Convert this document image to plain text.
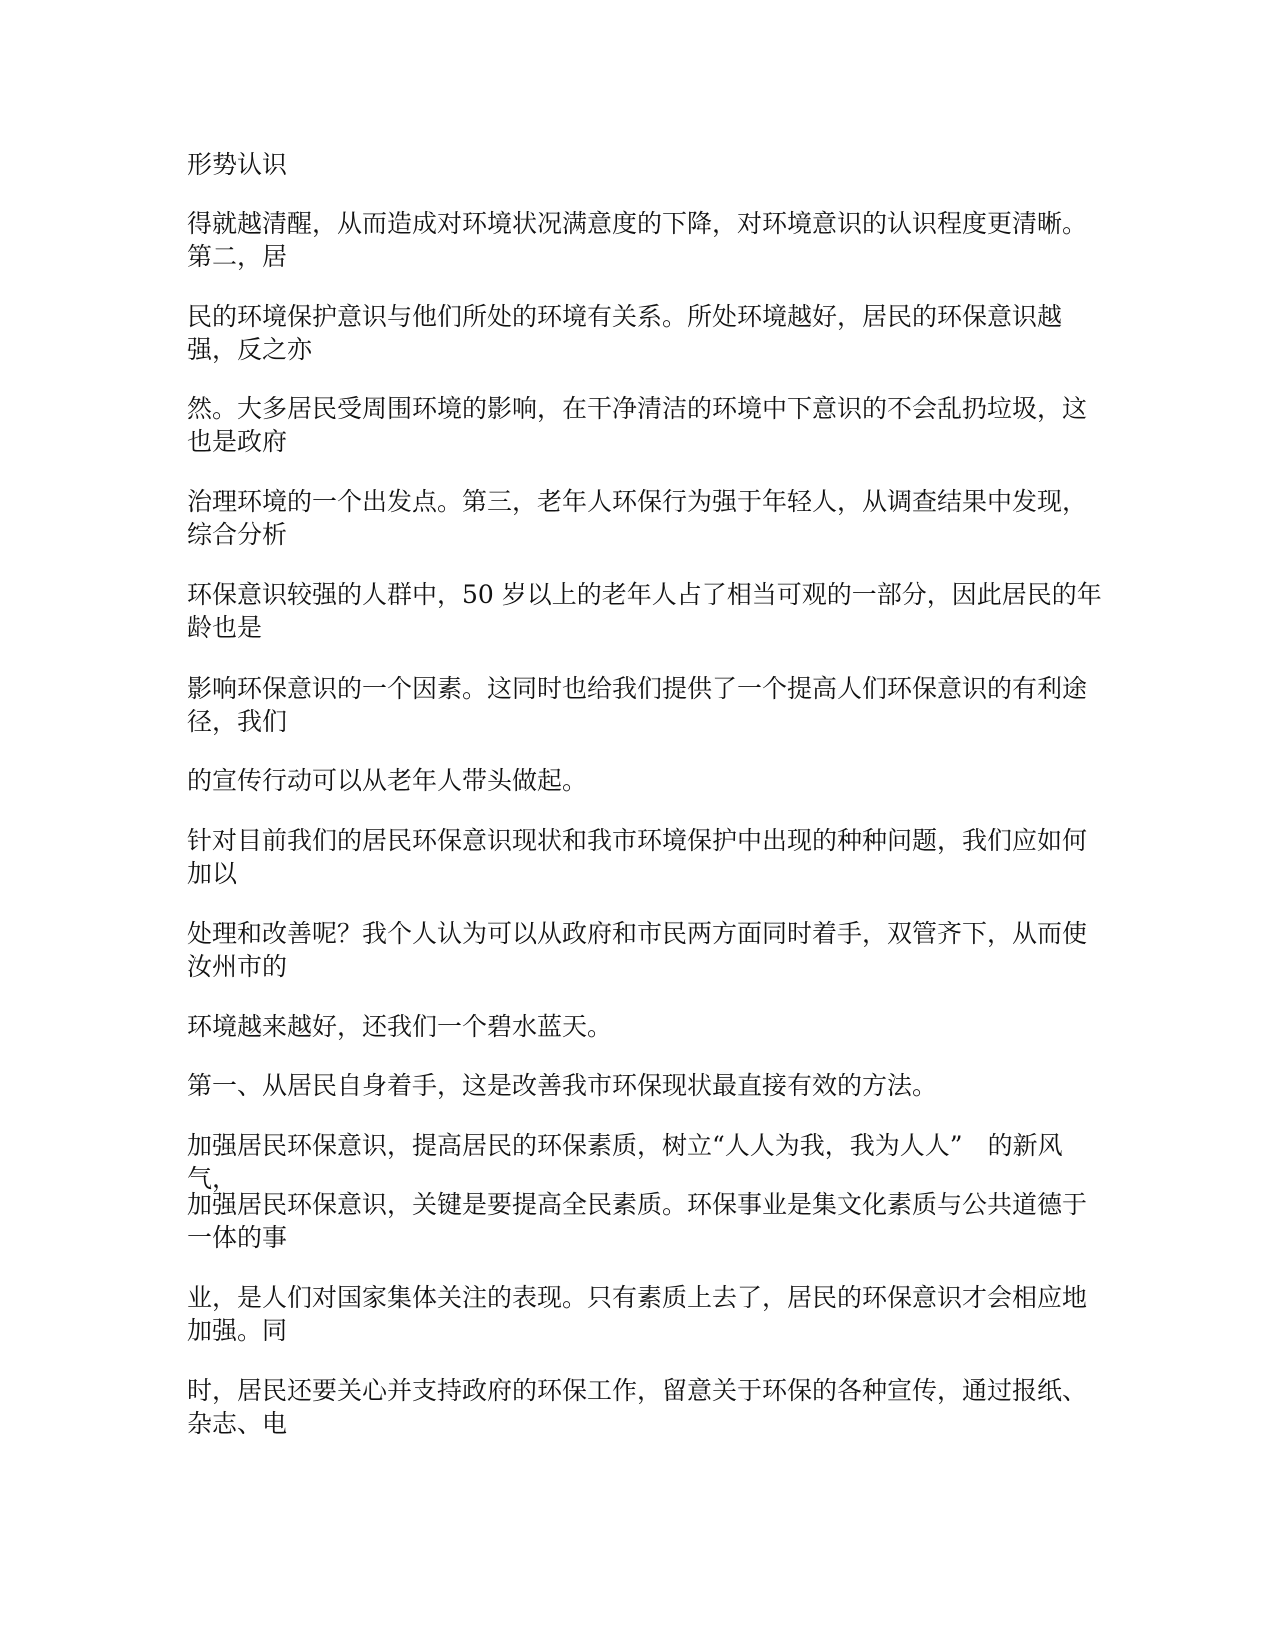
形势认识

得就越清醒，从而造成对环境状况满意度的下降，对环境意识的认识程度更清晰。第二，居

民的环境保护意识与他们所处的环境有关系。所处环境越好，居民的环保意识越强，反之亦

然。大多居民受周围环境的影响，在干净清洁的环境中下意识的不会乱扔垃圾，这也是政府

治理环境的一个出发点。第三，老年人环保行为强于年轻人，从调查结果中发现，综合分析

环保意识较强的人群中，50 岁以上的老年人占了相当可观的一部分，因此居民的年龄也是

影响环保意识的一个因素。这同时也给我们提供了一个提高人们环保意识的有利途径，我们

的宣传行动可以从老年人带头做起。

针对目前我们的居民环保意识现状和我市环境保护中出现的种种问题，我们应如何加以

处理和改善呢？我个人认为可以从政府和市民两方面同时着手，双管齐下，从而使汝州市的

环境越来越好，还我们一个碧水蓝天。

第一、从居民自身着手，这是改善我市环保现状最直接有效的方法。

加强居民环保意识，提高居民的环保素质，树立“人人为我，我为人人”　的新风气，

加强居民环保意识，关键是要提高全民素质。环保事业是集文化素质与公共道德于一体的事

业，是人们对国家集体关注的表现。只有素质上去了，居民的环保意识才会相应地加强。同

时，居民还要关心并支持政府的环保工作，留意关于环保的各种宣传，通过报纸、杂志、电
